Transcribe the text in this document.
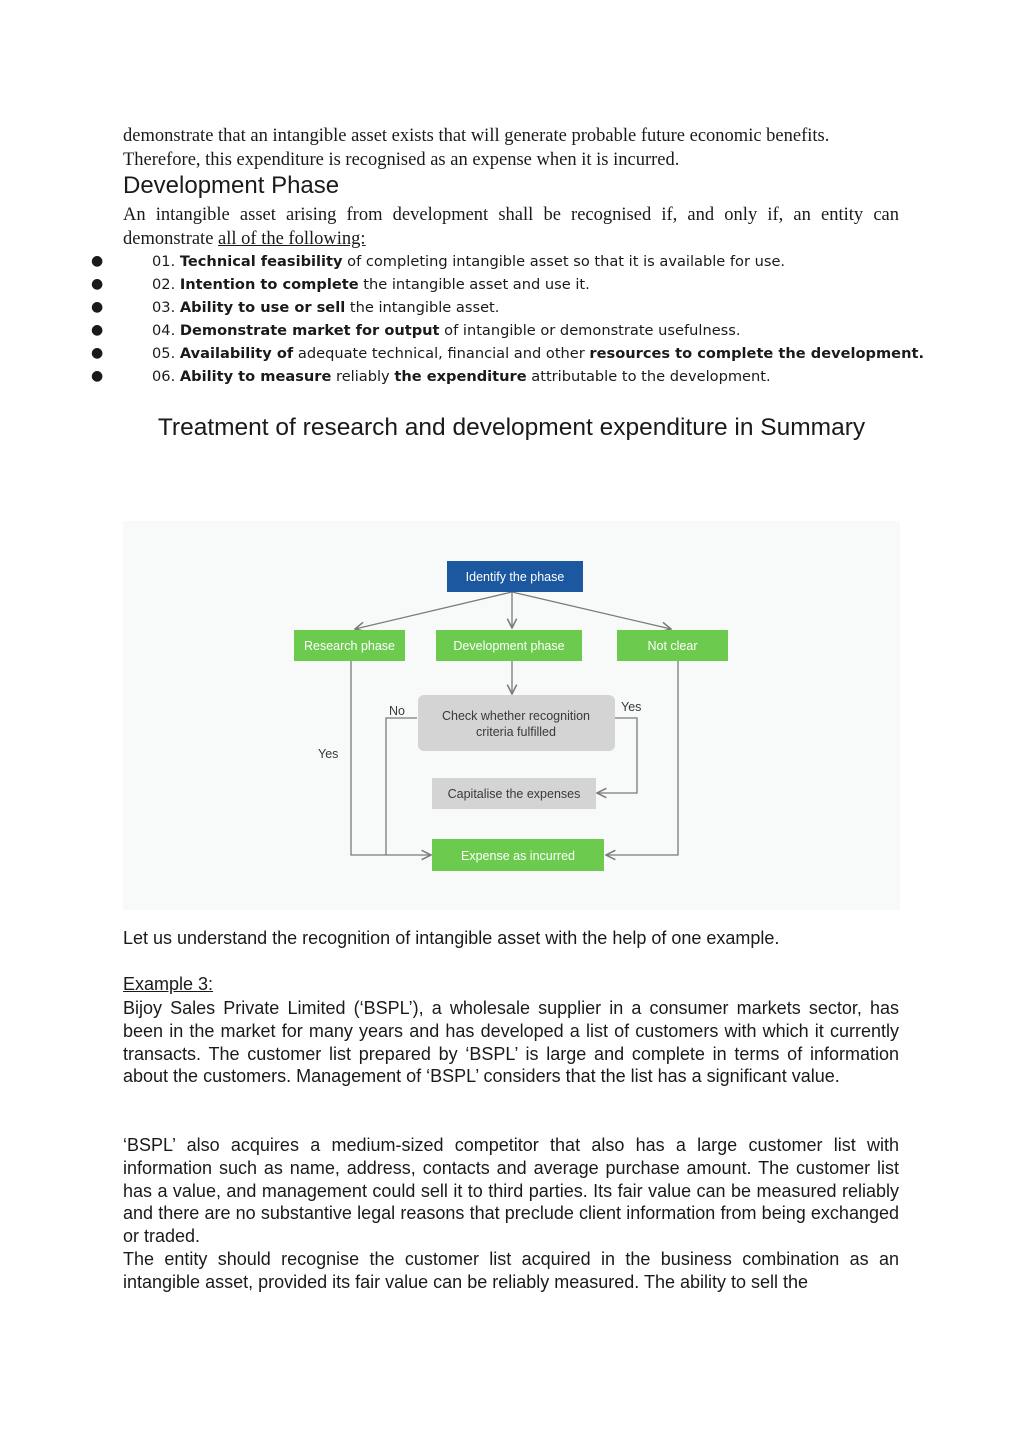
demonstrate that an intangible asset exists that will generate probable future economic benefits.
Therefore, this expenditure is recognised as an expense when it is incurred.
Development Phase
An intangible asset arising from development shall be recognised if, and only if, an entity can demonstrate all of the following:
●	01. Technical feasibility of completing intangible asset so that it is available for use.
●	02. Intention to complete the intangible asset and use it.
●	03. Ability to use or sell the intangible asset.
●	04. Demonstrate market for output of intangible or demonstrate usefulness.
●	05. Availability of adequate technical, financial and other resources to complete the development.
●	06. Ability to measure reliably the expenditure attributable to the development.
Treatment of research and development expenditure in Summary
Identify the phase
Research phase	Development phase	Not clear
Check whether recognition
criteria fulfilled
Capitalise the expenses
Expense as incurred
No	Yes
Yes
Let us understand the recognition of intangible asset with the help of one example.
Example 3:
Bijoy Sales Private Limited (‘BSPL’), a wholesale supplier in a consumer markets sector, has been in the market for many years and has developed a list of customers with which it currently transacts. The customer list prepared by ‘BSPL’ is large and complete in terms of information about the customers. Management of ‘BSPL’ considers that the list has a significant value.
‘BSPL’ also acquires a medium-sized competitor that also has a large customer list with information such as name, address, contacts and average purchase amount. The customer list has a value, and management could sell it to third parties. Its fair value can be measured reliably and there are no substantive legal reasons that preclude client information from being exchanged or traded.
The entity should recognise the customer list acquired in the business combination as an intangible asset, provided its fair value can be reliably measured. The ability to sell the
